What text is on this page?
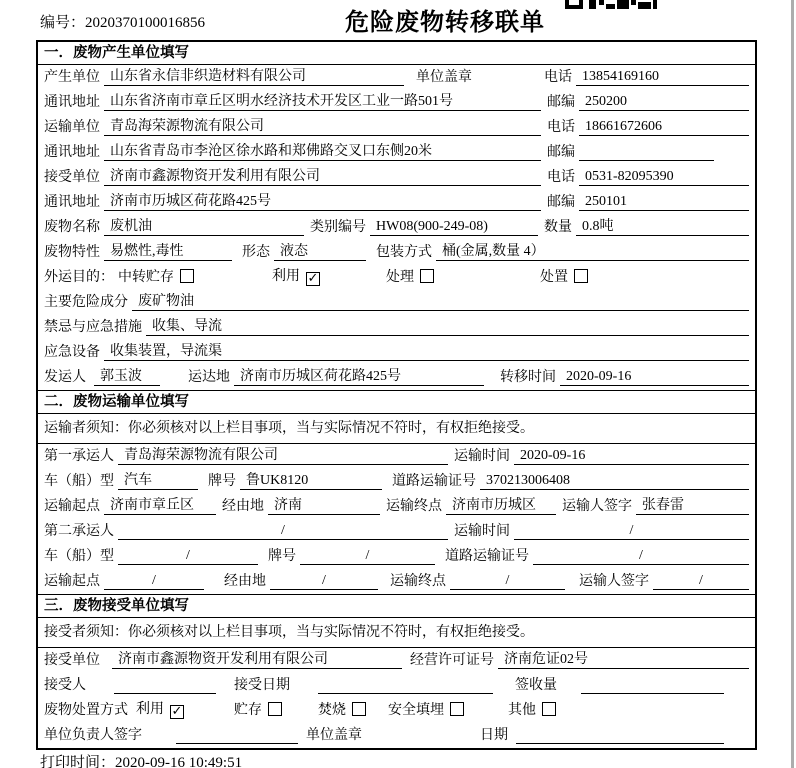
编号：2020370100016856	危险废物转移联单
一．废物产生单位填写
产生单位 山东省永信非织造材料有限公司	单位盖章	电话 13854169160
通讯地址 山东省济南市章丘区明水经济技术开发区工业一路501号	邮编 250200
运输单位 青岛海荣源物流有限公司	电话 18661672606
通讯地址 山东省青岛市李沧区徐水路和郑佛路交叉口东侧20米	邮编
接受单位 济南市鑫源物资开发利用有限公司	电话 0531-82095390
通讯地址 济南市历城区荷花路425号	邮编 250101
废物名称 废机油	类别编号 HW08(900-249-08)	数量 0.8吨
废物特性 易燃性,毒性	形态 液态	包装方式 桶(金属,数量 4）
外运目的： 中转贮存	利用 ✓	处理	处置
主要危险成分 废矿物油
禁忌与应急措施 收集、导流
应急设备 收集装置，导流渠
发运人	郭玉波	运达地 济南市历城区荷花路425号	转移时间 2020-09-16
二．废物运输单位填写
运输者须知：你必须核对以上栏目事项，当与实际情况不符时，有权拒绝接受。
第一承运人 青岛海荣源物流有限公司	运输时间 2020-09-16
车（船）型 汽车	牌号 鲁UK8120	道路运输证号 370213006408
运输起点 济南市章丘区	经由地 济南	运输终点 济南市历城区	运输人签字 张春雷
第二承运人	/	运输时间	/
车（船）型	/	牌号	/	道路运输证号	/
运输起点	/	经由地	/	运输终点	/	运输人签字	/
三．废物接受单位填写
接受者须知：你必须核对以上栏目事项，当与实际情况不符时，有权拒绝接受。
接受单位	济南市鑫源物资开发利用有限公司	经营许可证号 济南危证02号
接受人	接受日期	签收量
废物处置方式 利用 ✓	贮存	焚烧	安全填埋	其他
单位负责人签字	单位盖章	日期
打印时间：2020-09-16 10:49:51
